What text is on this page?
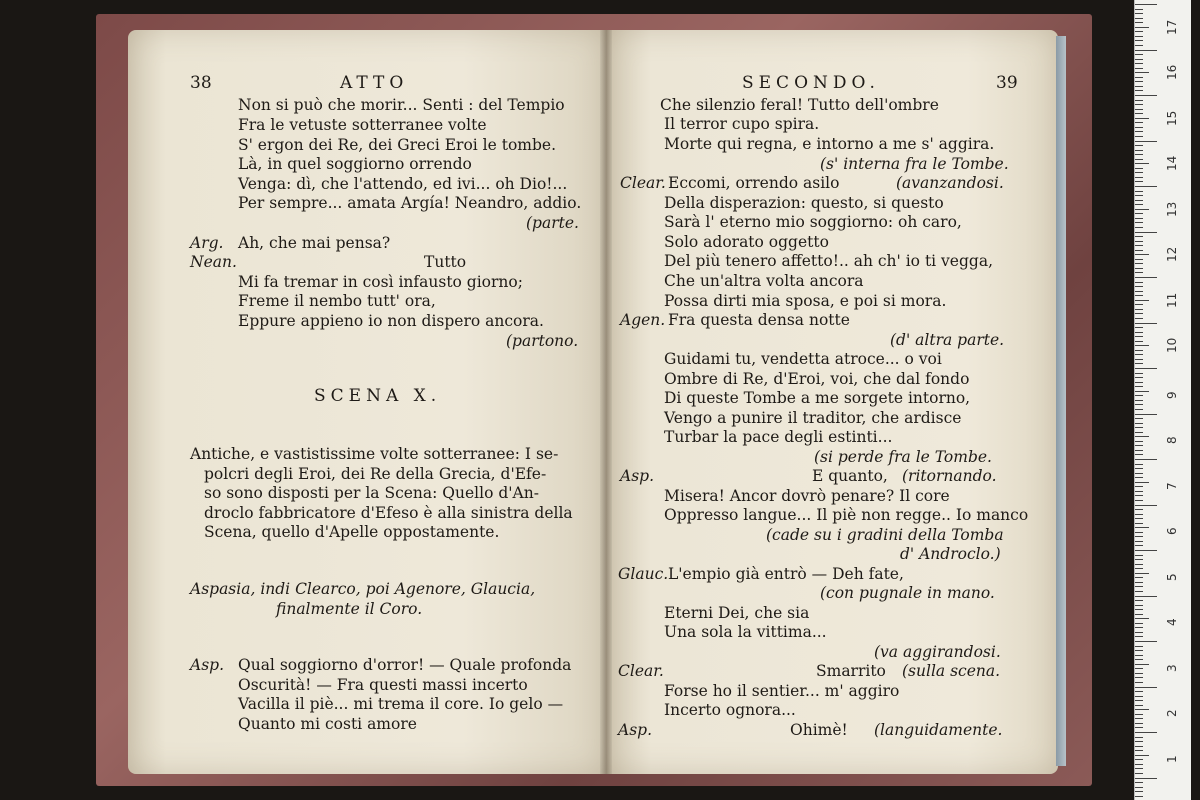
38	ATTO
Non si può che morir... Senti : del Tempio
Fra le vetuste sotterranee volte
S' ergon dei Re, dei Greci Eroi le tombe.
Là, in quel soggiorno orrendo
Venga: dì, che l'attendo, ed ivi... oh Dio!...
Per sempre... amata Argía! Neandro, addio.
(parte.
Arg. Ah, che mai pensa?
Nean.	Tutto
Mi fa tremar in così infausto giorno;
Freme il nembo tutt' ora,
Eppure appieno io non dispero ancora.
(partono.
SCENA X.
Antiche, e vastistissime volte sotterranee: I se-
polcri degli Eroi, dei Re della Grecia, d'Efe-
so sono disposti per la Scena: Quello d'An-
droclo fabbricatore d'Efeso è alla sinistra della
Scena, quello d'Apelle oppostamente.
Aspasia, indi Clearco, poi Agenore, Glaucia,
finalmente il Coro.
Asp. Qual soggiorno d'orror! — Quale profonda
Oscurità! — Fra questi massi incerto
Vacilla il piè... mi trema il core. Io gelo —
Quanto mi costi amore
SECONDO.	39
Che silenzio feral! Tutto dell'ombre
Il terror cupo spira.
Morte qui regna, e intorno a me s' aggira.
(s' interna fra le Tombe.
Clear. Eccomi, orrendo asilo	(avanzandosi.
Della disperazion: questo, si questo
Sarà l' eterno mio soggiorno: oh caro,
Solo adorato oggetto
Del più tenero affetto!.. ah ch' io ti vegga,
Che un'altra volta ancora
Possa dirti mia sposa, e poi si mora.
Agen. Fra questa densa notte
(d' altra parte.
Guidami tu, vendetta atroce... o voi
Ombre di Re, d'Eroi, voi, che dal fondo
Di queste Tombe a me sorgete intorno,
Vengo a punire il traditor, che ardisce
Turbar la pace degli estinti...
(si perde fra le Tombe.
Asp.	E quanto, (ritornando.
Misera! Ancor dovrò penare? Il core
Oppresso langue... Il piè non regge.. Io manco
(cade su i gradini della Tomba
d' Androclo.)
Glauc. L'empio già entrò — Deh fate,
(con pugnale in mano.
Eterni Dei, che sia
Una sola la vittima...
(va aggirandosi.
Clear.	Smarrito (sulla scena.
Forse ho il sentier... m' aggiro
Incerto ognora...
Asp.	Ohimè! (languidamente.
17
16
15
14
13
12
11
10
9
8
7
6
5
4
3
2
1
